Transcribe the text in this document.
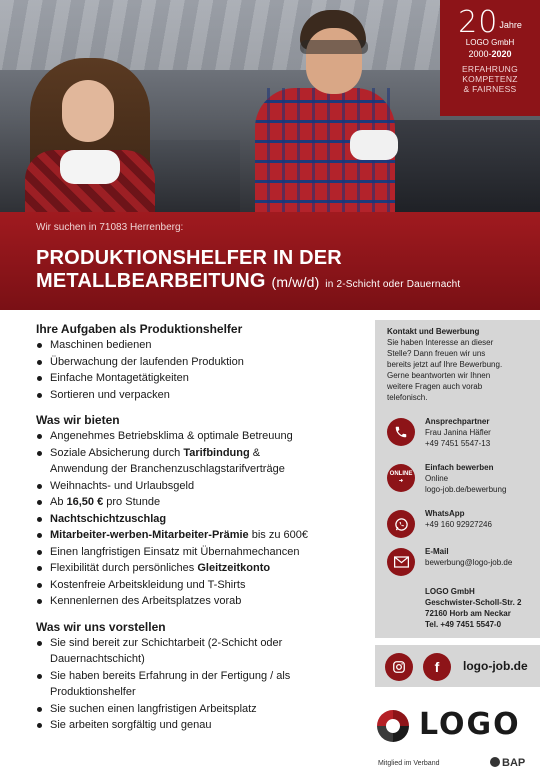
20Jahre
LOGO GmbH
2000-2020
ERFAHRUNG
KOMPETENZ
& FAIRNESS
Wir suchen in 71083 Herrenberg:
PRODUKTIONSHELFER IN DER
METALLBEARBEITUNG (m/w/d) in 2-Schicht oder Dauernacht
Ihre Aufgaben als Produktionshelfer
Maschinen bedienen
Überwachung der laufenden Produktion
Einfache Montagetätigkeiten
Sortieren und verpacken
Was wir bieten
Angenehmes Betriebsklima & optimale Betreuung
Soziale Absicherung durch Tarifbindung &
Anwendung der Branchenzuschlagstarifverträge
Weihnachts- und Urlaubsgeld
Ab 16,50 € pro Stunde
Nachtschichtzuschlag
Mitarbeiter-werben-Mitarbeiter-Prämie bis zu 600€
Einen langfristigen Einsatz mit Übernahmechancen
Flexibilität durch persönliches Gleitzeitkonto
Kostenfreie Arbeitskleidung und T-Shirts
Kennenlernen des Arbeitsplatzes vorab
Was wir uns vorstellen
Sie sind bereit zur Schichtarbeit (2-Schicht oder
Dauernachtschicht)
Sie haben bereits Erfahrung in der Fertigung / als
Produktionshelfer
Sie suchen einen langfristigen Arbeitsplatz
Sie arbeiten sorgfältig und genau
Kontakt und Bewerbung
Sie haben Interesse an dieser
Stelle? Dann freuen wir uns
bereits jetzt auf Ihre Bewerbung.
Gerne beantworten wir Ihnen
weitere Fragen auch vorab
telefonisch.
Ansprechpartner
Frau Janina Häfler
+49 7451 5547-13
ONLINE
➜
Einfach bewerben
Online
logo-job.de/bewerbung
WhatsApp
+49 160 92927246
E-Mail
bewerbung@logo-job.de
LOGO GmbH
Geschwister-Scholl-Str. 2
72160 Horb am Neckar
Tel. +49 7451 5547-0
f	logo-job.de
LOGO
Mitglied im Verband	BAP
